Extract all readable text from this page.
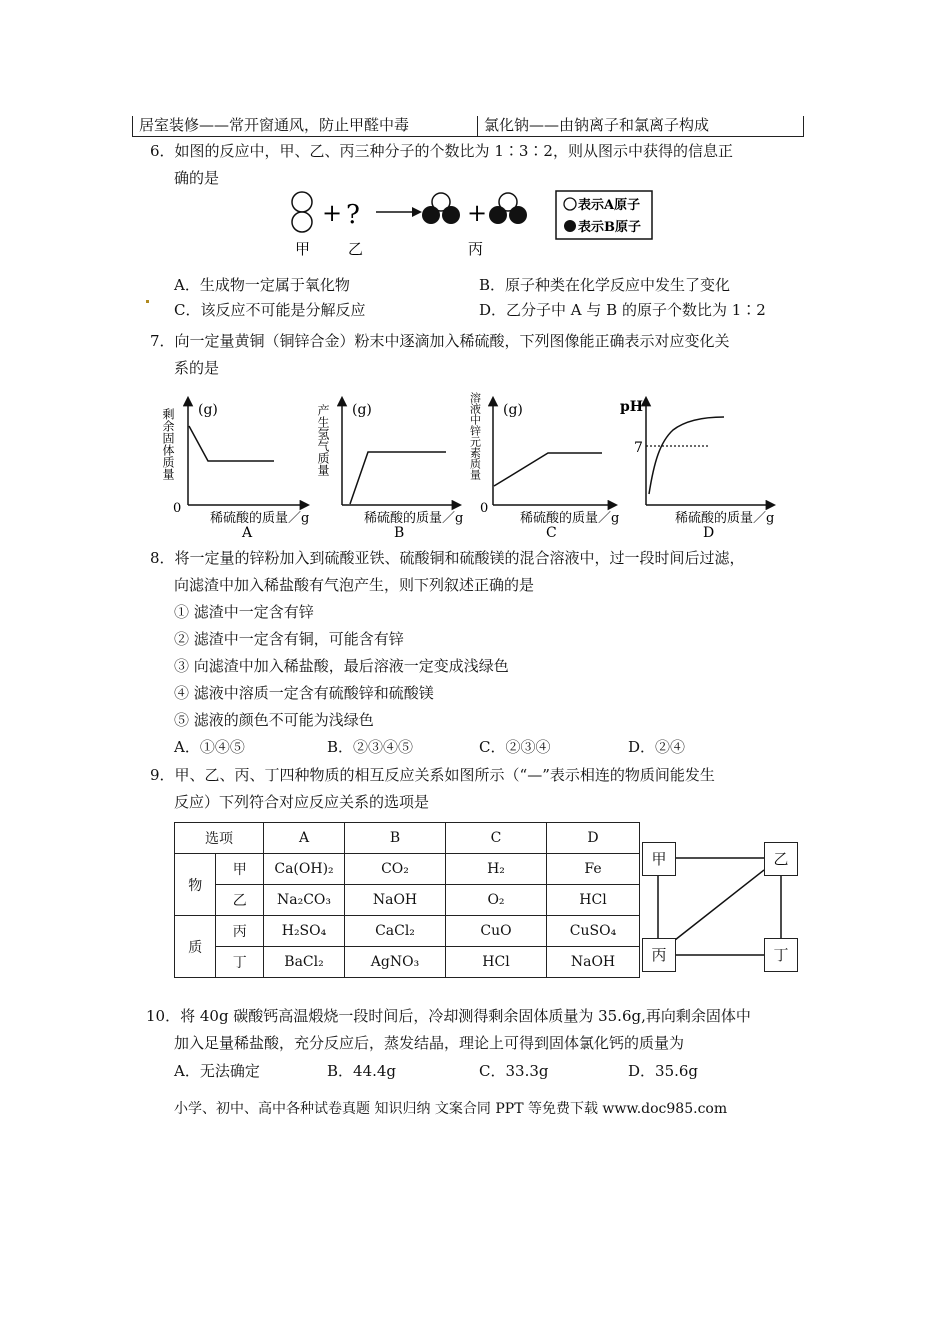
居室装修——常开窗通风，防止甲醛中毒	氯化钠——由钠离子和氯离子构成
6．如图的反应中，甲、乙、丙三种分子的个数比为 1∶3∶2，则从图示中获得的信息正
确的是
甲
+ ?
乙
+
丙
表示A原子
表示B原子
A．生成物一定属于氧化物	B．原子种类在化学反应中发生了变化
C．该反应不可能是分解反应	D．乙分子中 A 与 B 的原子个数比为 1∶2
7．向一定量黄铜（铜锌合金）粉末中逐滴加入稀硫酸，下列图像能正确表示对应变化关
系的是
(g)
剩余固体质量
0
稀硫酸的质量／g
A
(g)
产生氢气质量
稀硫酸的质量／g
B
(g)
溶液中锌元素质量
0
稀硫酸的质量／g
C
pH
7
稀硫酸的质量／g
D
8．将一定量的锌粉加入到硫酸亚铁、硫酸铜和硫酸镁的混合溶液中，过一段时间后过滤，
向滤渣中加入稀盐酸有气泡产生，则下列叙述正确的是
① 滤渣中一定含有锌
② 滤渣中一定含有铜，可能含有锌
③ 向滤渣中加入稀盐酸，最后溶液一定变成浅绿色
④ 滤液中溶质一定含有硫酸锌和硫酸镁
⑤ 滤液的颜色不可能为浅绿色
A．①④⑤	B．②③④⑤	C．②③④	D．②④
9．甲、乙、丙、丁四种物质的相互反应关系如图所示（“—”表示相连的物质间能发生
反应）下列符合对应反应关系的选项是
选项		A	B	C	D
物	甲	Ca(OH)₂	CO₂	H₂	Fe
	乙	Na₂CO₃	NaOH	O₂	HCl
质	丙	H₂SO₄	CaCl₂	CuO	CuSO₄
	丁	BaCl₂	AgNO₃	HCl	NaOH
甲	乙
丙	丁
10．将 40g 碳酸钙高温煅烧一段时间后，冷却测得剩余固体质量为 35.6g,再向剩余固体中
加入足量稀盐酸，充分反应后，蒸发结晶，理论上可得到固体氯化钙的质量为
A．无法确定	B．44.4g	C．33.3g	D．35.6g
小学、初中、高中各种试卷真题 知识归纳 文案合同 PPT 等免费下载 www.doc985.com
